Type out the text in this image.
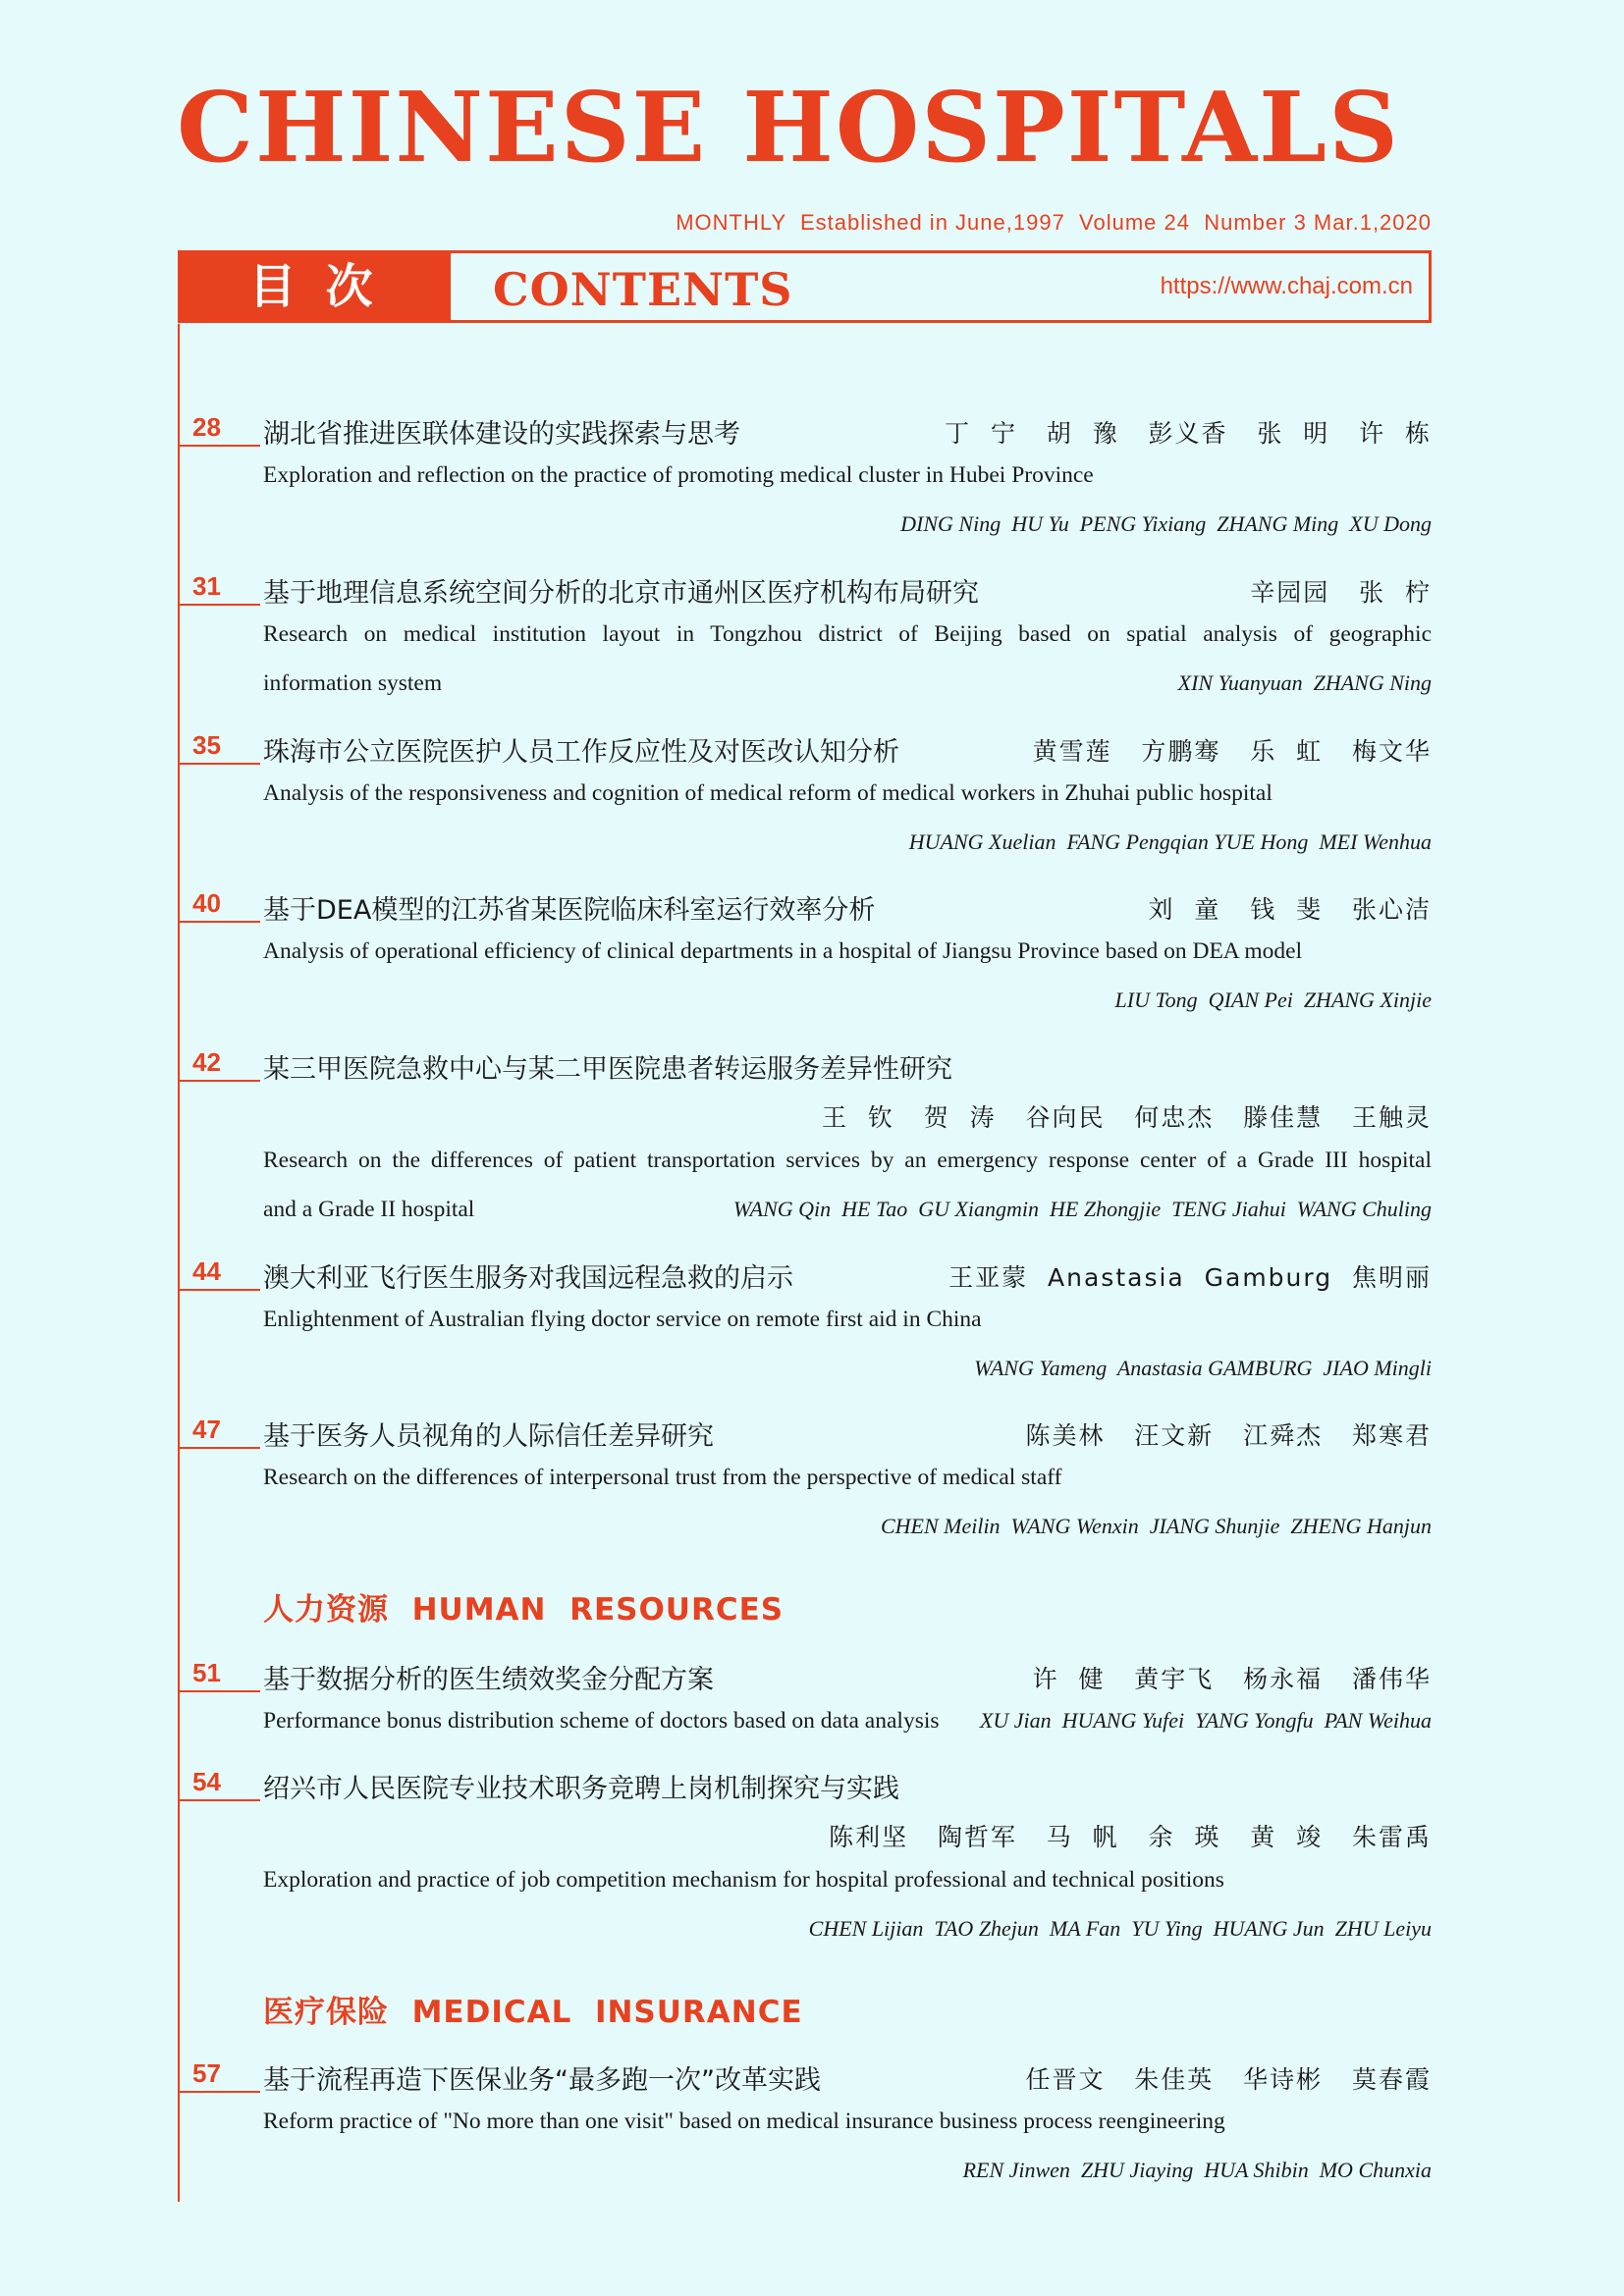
CHINESE HOSPITALS
MONTHLY  Established in June,1997  Volume 24  Number 3 Mar.1,2020
目次	CONTENTS	https://www.chaj.com.cn
28 湖北省推进医联体建设的实践探索与思考	丁  宁   胡  豫   彭义香   张  明   许  栋
Exploration and reflection on the practice of promoting medical cluster in Hubei Province
DING Ning  HU Yu  PENG Yixiang  ZHANG Ming  XU Dong
31 基于地理信息系统空间分析的北京市通州区医疗机构布局研究	辛园园   张  柠
Research on medical institution layout in Tongzhou district of Beijing based on spatial analysis of geographic
information system	XIN Yuanyuan  ZHANG Ning
35 珠海市公立医院医护人员工作反应性及对医改认知分析	黄雪莲   方鹏骞   乐  虹   梅文华
Analysis of the responsiveness and cognition of medical reform of medical workers in Zhuhai public hospital
HUANG Xuelian  FANG Pengqian YUE Hong  MEI Wenhua
40 基于DEA模型的江苏省某医院临床科室运行效率分析	刘  童   钱  斐   张心洁
Analysis of operational efficiency of clinical departments in a hospital of Jiangsu Province based on DEA model
LIU Tong  QIAN Pei  ZHANG Xinjie
42 某三甲医院急救中心与某二甲医院患者转运服务差异性研究
王  钦   贺  涛   谷向民   何忠杰   滕佳慧   王触灵
Research on the differences of patient transportation services by an emergency response center of a Grade III hospital
and a Grade II hospital	WANG Qin  HE Tao  GU Xiangmin  HE Zhongjie  TENG Jiahui  WANG Chuling
44 澳大利亚飞行医生服务对我国远程急救的启示	王亚蒙  Anastasia  Gamburg  焦明丽
Enlightenment of Australian flying doctor service on remote first aid in China
WANG Yameng  Anastasia GAMBURG  JIAO Mingli
47 基于医务人员视角的人际信任差异研究	陈美林   汪文新   江舜杰   郑寒君
Research on the differences of interpersonal trust from the perspective of medical staff
CHEN Meilin  WANG Wenxin  JIANG Shunjie  ZHENG Hanjun
人力资源  HUMAN  RESOURCES
51 基于数据分析的医生绩效奖金分配方案	许  健   黄宇飞   杨永福   潘伟华
Performance bonus distribution scheme of doctors based on data analysis	XU Jian  HUANG Yufei  YANG Yongfu  PAN Weihua
54 绍兴市人民医院专业技术职务竞聘上岗机制探究与实践
陈利坚   陶哲军   马  帆   余  瑛   黄  竣   朱雷禹
Exploration and practice of job competition mechanism for hospital professional and technical positions
CHEN Lijian  TAO Zhejun  MA Fan  YU Ying  HUANG Jun  ZHU Leiyu
医疗保险  MEDICAL  INSURANCE
57 基于流程再造下医保业务“最多跑一次”改革实践	任晋文   朱佳英   华诗彬   莫春霞
Reform practice of "No more than one visit" based on medical insurance business process reengineering
REN Jinwen  ZHU Jiaying  HUA Shibin  MO Chunxia
